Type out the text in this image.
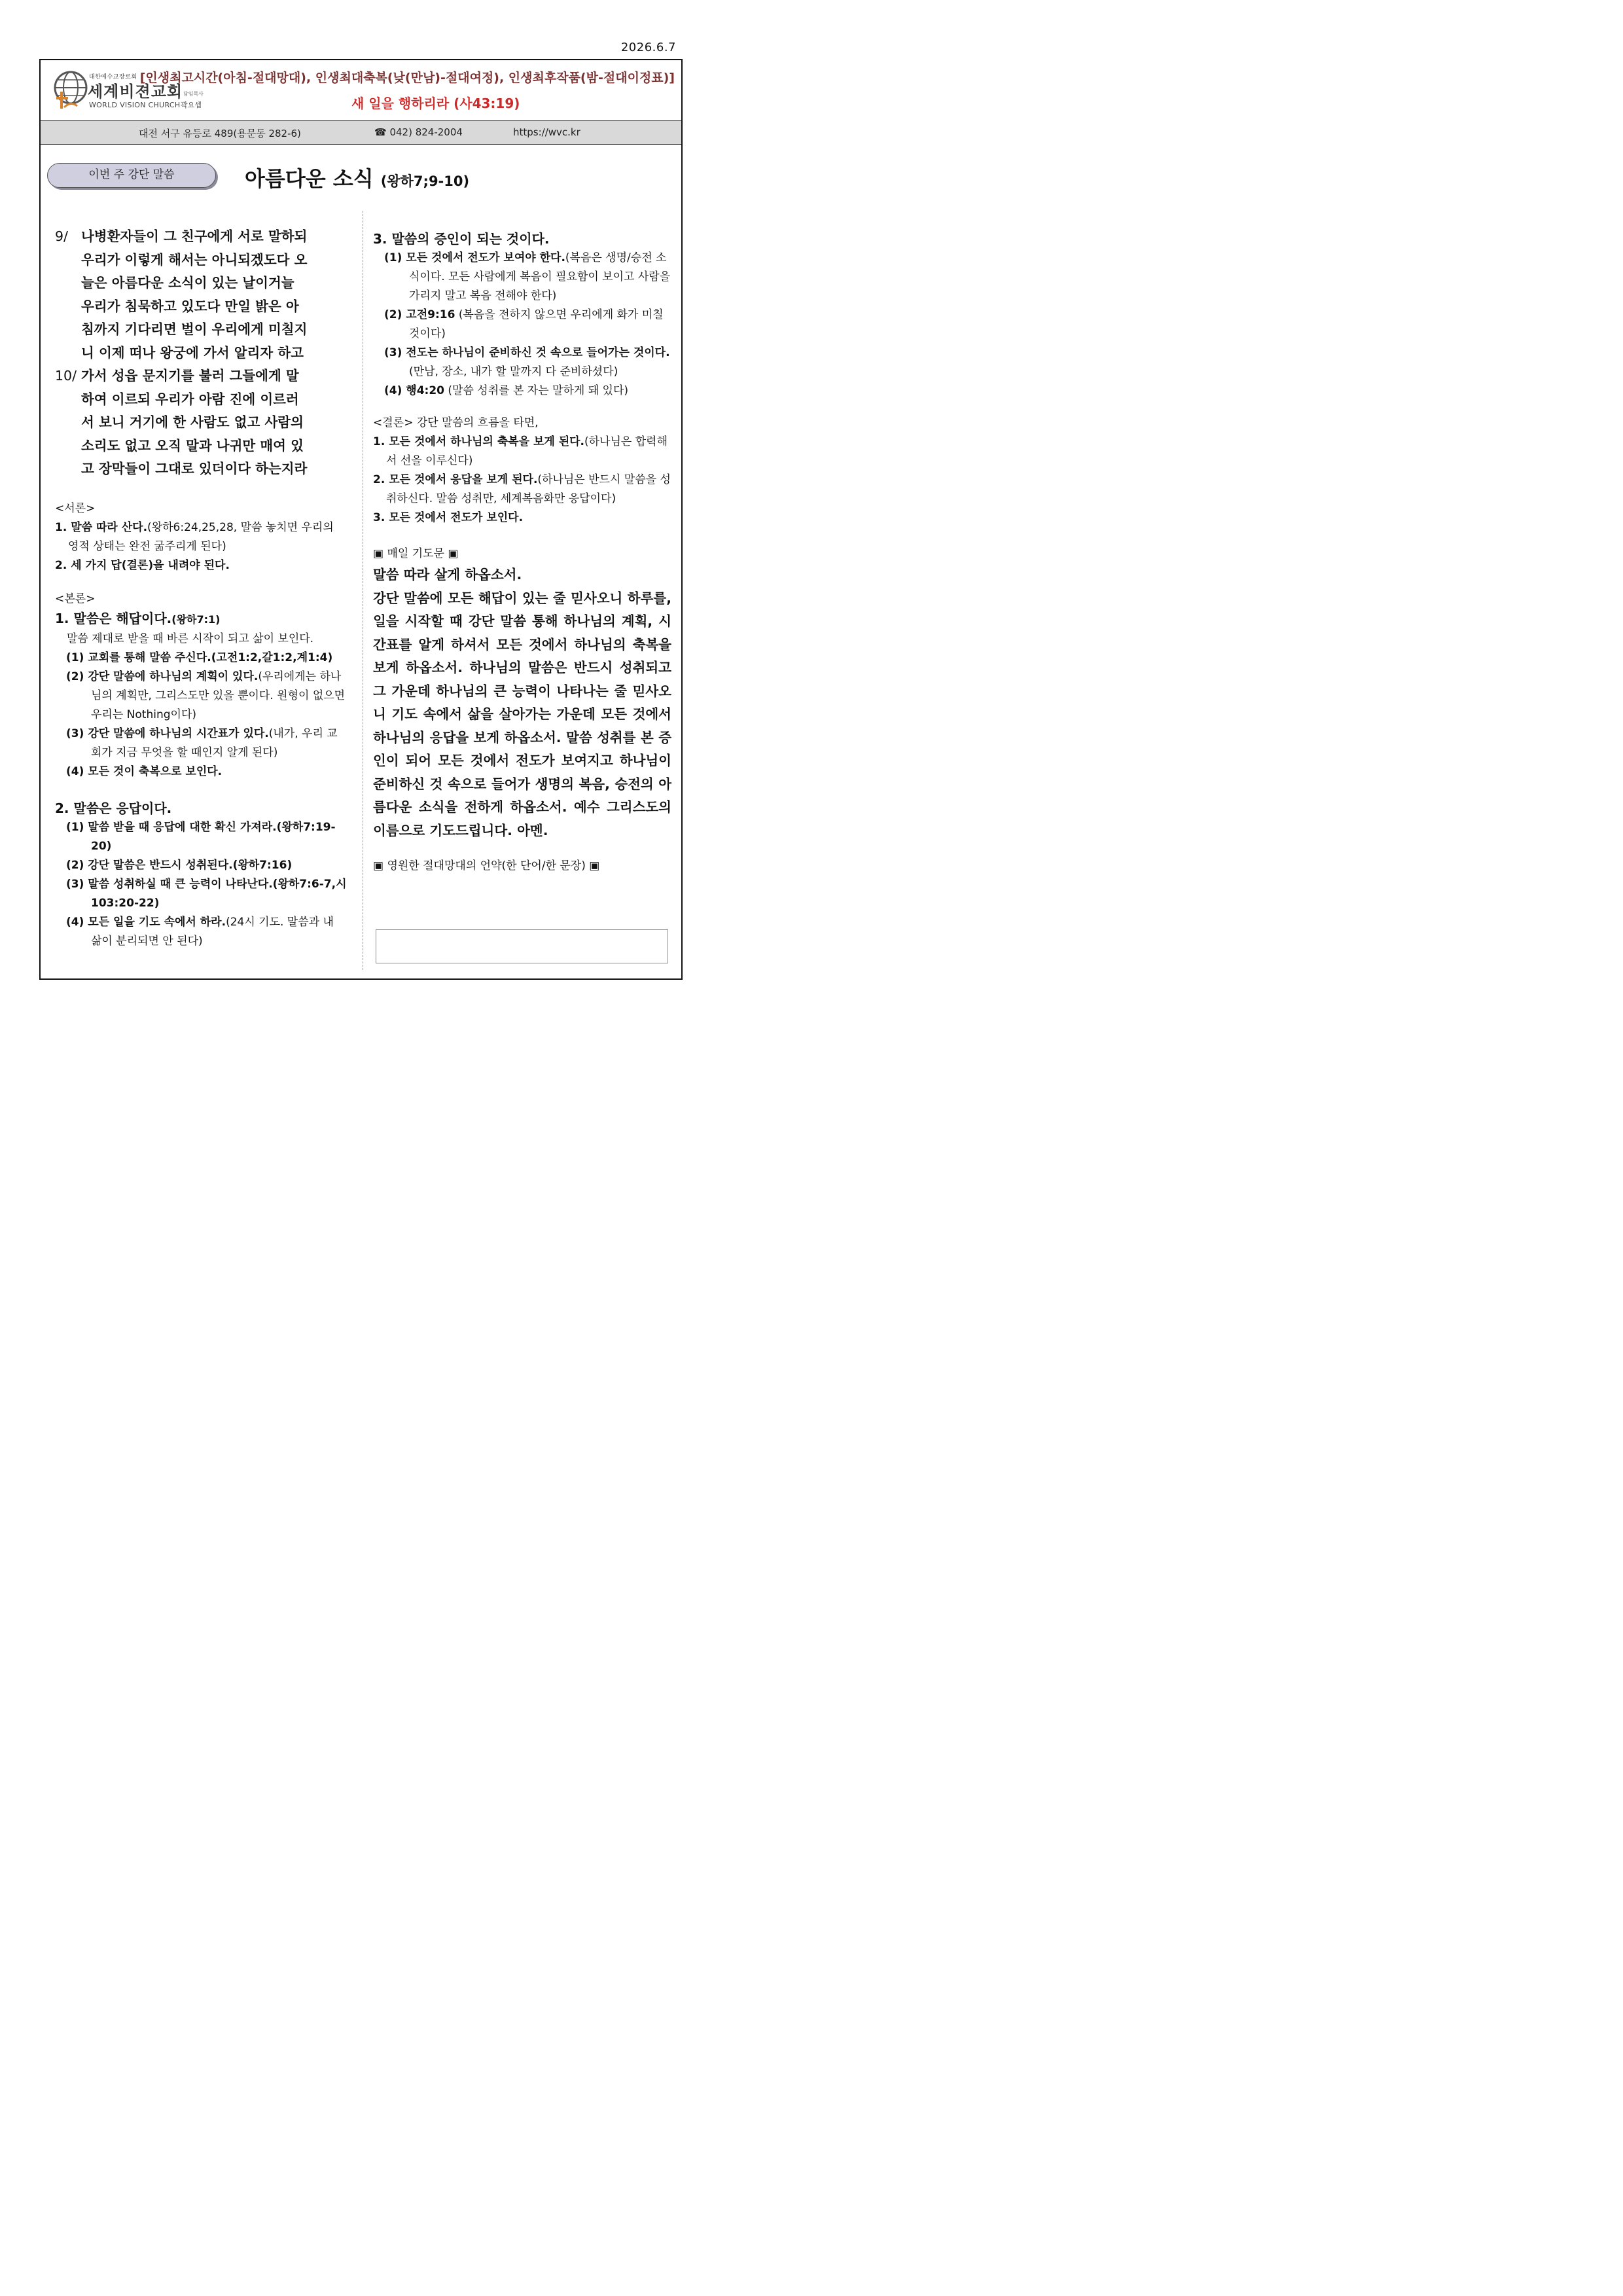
2026.6.7
대한예수교장로회
세계비젼교회
WORLD VISION CHURCH
담임목사
곽요셉
[인생최고시간(아침-절대망대), 인생최대축복(낮(만남)-절대여정), 인생최후작품(밤-절대이정표)]
새 일을 행하리라 (사43:19)
대전 서구 유등로 489(용문동 282-6)	☎ 042) 824-2004	https://wvc.kr
이번 주 강단 말씀	아름다운 소식 (왕하7;9-10)
9/ 나병환자들이 그 친구에게 서로 말하되
우리가 이렇게 해서는 아니되겠도다 오
늘은 아름다운 소식이 있는 날이거늘
우리가 침묵하고 있도다 만일 밝은 아
침까지 기다리면 벌이 우리에게 미칠지
니 이제 떠나 왕궁에 가서 알리자 하고
10/ 가서 성읍 문지기를 불러 그들에게 말
하여 이르되 우리가 아람 진에 이르러
서 보니 거기에 한 사람도 없고 사람의
소리도 없고 오직 말과 나귀만 매여 있
고 장막들이 그대로 있더이다 하는지라
<서론>

1. 말씀 따라 산다.(왕하6:24,25,28, 말씀 놓치면 우리의 영적 상태는 완전 굶주리게 된다)

2. 세 가지 답(결론)을 내려야 된다.

<본론>

1. 말씀은 해답이다.(왕하7:1)

말씀 제대로 받을 때 바른 시작이 되고 삶이 보인다.

(1) 교회를 통해 말씀 주신다.(고전1:2,갈1:2,계1:4)

(2) 강단 말씀에 하나님의 계획이 있다.(우리에게는 하나님의 계획만, 그리스도만 있을 뿐이다. 원형이 없으면 우리는 Nothing이다)

(3) 강단 말씀에 하나님의 시간표가 있다.(내가, 우리 교회가 지금 무엇을 할 때인지 알게 된다)

(4) 모든 것이 축복으로 보인다.

2. 말씀은 응답이다.

(1) 말씀 받을 때 응답에 대한 확신 가져라.(왕하7:19-20)

(2) 강단 말씀은 반드시 성취된다.(왕하7:16)

(3) 말씀 성취하실 때 큰 능력이 나타난다.(왕하7:6-7,시103:20-22)

(4) 모든 일을 기도 속에서 하라.(24시 기도. 말씀과 내 삶이 분리되면 안 된다)

3. 말씀의 증인이 되는 것이다.

(1) 모든 것에서 전도가 보여야 한다.(복음은 생명/승전 소식이다. 모든 사람에게 복음이 필요함이 보이고 사람을 가리지 말고 복음 전해야 한다)

(2) 고전9:16 (복음을 전하지 않으면 우리에게 화가 미칠 것이다)

(3) 전도는 하나님이 준비하신 것 속으로 들어가는 것이다.(만남, 장소, 내가 할 말까지 다 준비하셨다)

(4) 행4:20 (말씀 성취를 본 자는 말하게 돼 있다)

<결론> 강단 말씀의 흐름을 타면,

1. 모든 것에서 하나님의 축복을 보게 된다.(하나님은 합력해서 선을 이루신다)

2. 모든 것에서 응답을 보게 된다.(하나님은 반드시 말씀을 성취하신다. 말씀 성취만, 세계복음화만 응답이다)

3. 모든 것에서 전도가 보인다.

▣ 매일 기도문 ▣

말씀 따라 살게 하옵소서.

강단 말씀에 모든 해답이 있는 줄 믿사오니 하루를, 일을 시작할 때 강단 말씀 통해 하나님의 계획, 시간표를 알게 하셔서 모든 것에서 하나님의 축복을 보게 하옵소서. 하나님의 말씀은 반드시 성취되고 그 가운데 하나님의 큰 능력이 나타나는 줄 믿사오니 기도 속에서 삶을 살아가는 가운데 모든 것에서 하나님의 응답을 보게 하옵소서. 말씀 성취를 본 증인이 되어 모든 것에서 전도가 보여지고 하나님이 준비하신 것 속으로 들어가 생명의 복음, 승전의 아름다운 소식을 전하게 하옵소서. 예수 그리스도의 이름으로 기도드립니다. 아멘.

▣ 영원한 절대망대의 언약(한 단어/한 문장) ▣
